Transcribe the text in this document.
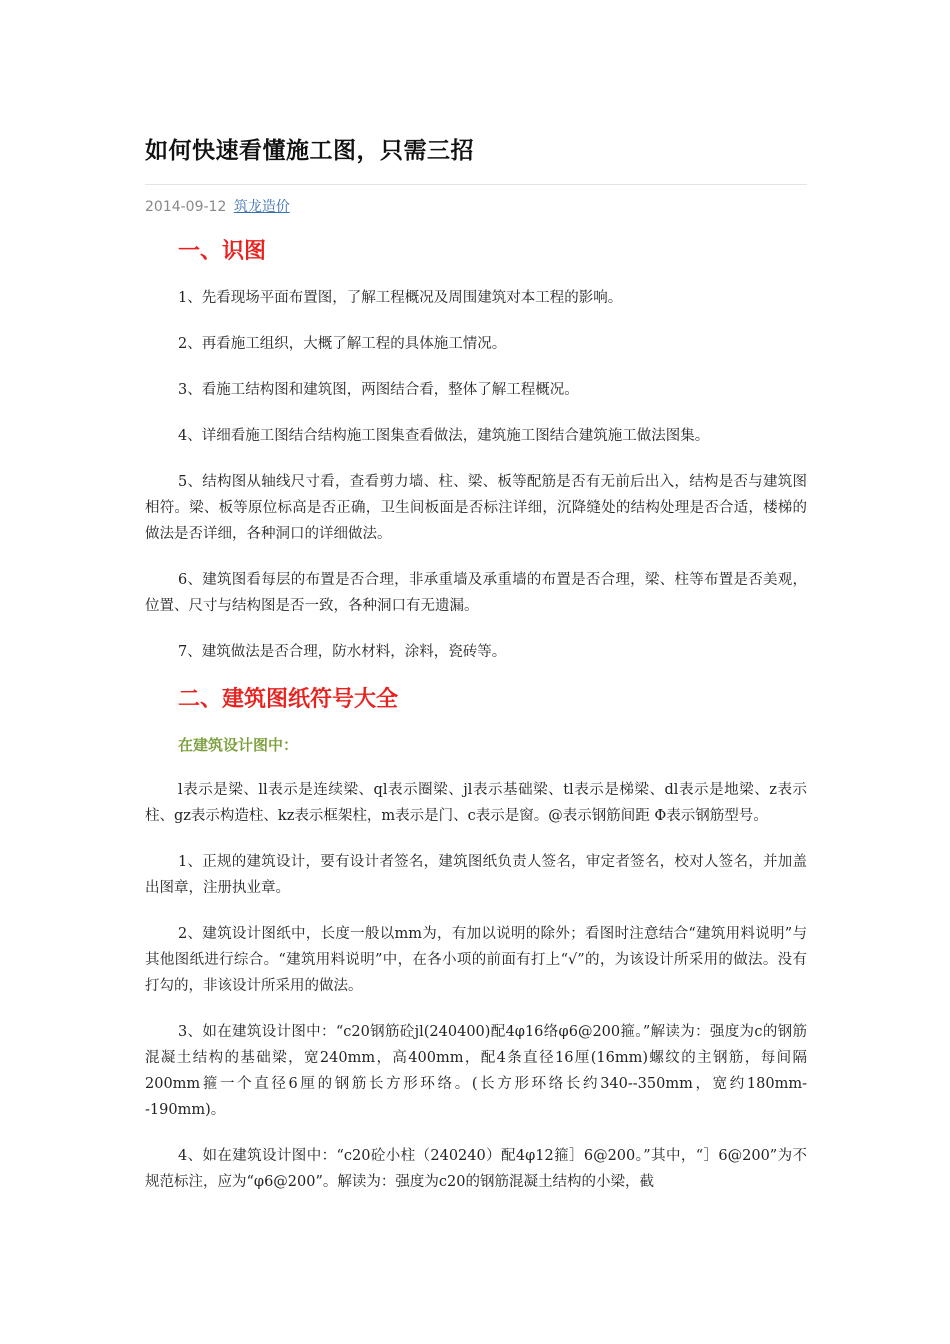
如何快速看懂施工图，只需三招
2014-09-12 筑龙造价
一、识图

1、先看现场平面布置图，了解工程概况及周围建筑对本工程的影响。

2、再看施工组织，大概了解工程的具体施工情况。

3、看施工结构图和建筑图，两图结合看，整体了解工程概况。

4、详细看施工图结合结构施工图集查看做法，建筑施工图结合建筑施工做法图集。

5、结构图从轴线尺寸看，查看剪力墙、柱、梁、板等配筋是否有无前后出入，结构是否与建筑图相符。梁、板等原位标高是否正确，卫生间板面是否标注详细，沉降缝处的结构处理是否合适，楼梯的做法是否详细，各种洞口的详细做法。

6、建筑图看每层的布置是否合理，非承重墙及承重墙的布置是否合理，梁、柱等布置是否美观，位置、尺寸与结构图是否一致，各种洞口有无遗漏。

7、建筑做法是否合理，防水材料，涂料，瓷砖等。

二、建筑图纸符号大全
在建筑设计图中：

l表示是梁、ll表示是连续梁、ql表示圈梁、jl表示基础梁、tl表示是梯梁、dl表示是地梁、z表示柱、gz表示构造柱、kz表示框架柱，m表示是门、c表示是窗。@表示钢筋间距 Φ表示钢筋型号。

1、正规的建筑设计，要有设计者签名，建筑图纸负责人签名，审定者签名，校对人签名，并加盖出图章，注册执业章。

2、建筑设计图纸中，长度一般以mm为，有加以说明的除外；看图时注意结合“建筑用料说明”与其他图纸进行综合。“建筑用料说明”中，在各小项的前面有打上“√”的，为该设计所采用的做法。没有打勾的，非该设计所采用的做法。

3、如在建筑设计图中：“c20钢筋砼jl(240400)配4φ16络φ6@200箍。”解读为：强度为c的钢筋混凝土结构的基础梁，宽240mm，高400mm，配4条直径16厘(16mm)螺纹的主钢筋，每间隔200mm箍一个直径6厘的钢筋长方形环络。(长方形环络长约340--350mm，宽约180mm--190mm)。

4、如在建筑设计图中：“c20砼小柱（240240）配4φ12箍］6@200。”其中，“］6@200”为不规范标注，应为“φ6@200”。解读为：强度为c20的钢筋混凝土结构的小梁，截
